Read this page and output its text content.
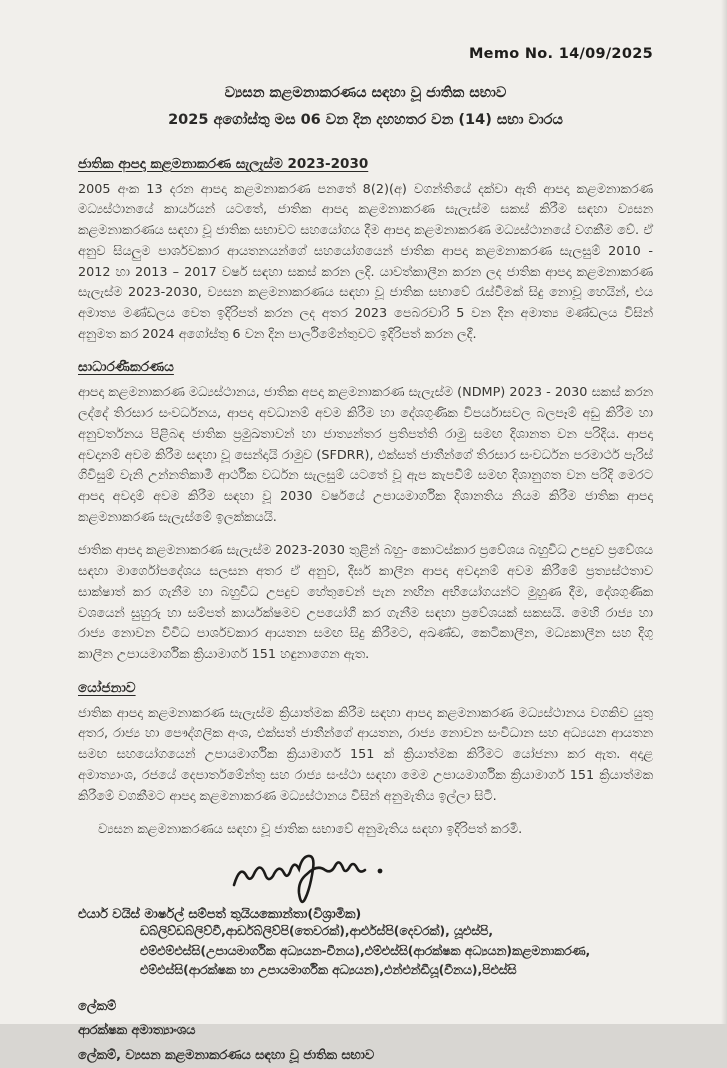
Memo No. 14/09/2025
ව්‍යසන කළමනාකරණය සඳහා වූ ජාතික සභාව
2025 අගෝස්තු මස 06 වන දින දහහතර වන (14) සභා වාරය
ජාතික ආපදා කළමනාකරණ සැලැස්ම 2023-2030

2005 අංක 13 දරන ආපදා කළමනාකරණ පනතේ 8(2)(අ) වගන්තියේ දක්වා ඇති ආපදා කළමනාකරණ මධ්‍යස්ථානයේ කාර්යයන් යටතේ, ජාතික ආපදා කළමනාකරණ සැලැස්ම සකස් කිරීම සඳහා ව්‍යසන කළමනාකරණය සඳහා වූ ජාතික සභාවට සහයෝගය දීම ආපදා කළමනාකරණ මධ්‍යස්ථානයේ වගකීම වේ. ඒ අනුව සියලුම පාර්ශවකාර ආයතනයන්ගේ සහයෝගයෙන් ජාතික ආපදා කළමනාකරණ සැලසුම් 2010 - 2012 හා 2013 – 2017 වර්ෂ සඳහා සකස් කරන ලදි. යාවත්කාලීන කරන ලද ජාතික ආපදා කළමනාකරණ සැලැස්ම 2023-2030, ව්‍යසන කළමනාකරණය සඳහා වූ ජාතික සභාවේ රැස්වීමක් සිදු නොවූ හෙයින්, එය අමාත්‍ය මණ්ඩලය වෙත ඉදිරිපත් කරන ලද අතර 2023 පෙබරවාරි 5 වන දින අමාත්‍ය මණ්ඩලය විසින් අනුමත කර 2024 අගෝස්තු 6 වන දින පාර්ලිමේන්තුවට ඉදිරිපත් කරන ලදී.

සාධාරණීකරණය

ආපදා කළමනාකරණ මධ්‍යස්ථානය, ජාතික අපදා කළමනාකරණ සැලැස්ම (NDMP) 2023 - 2030 සකස් කරන ලද්දේ තිරසාර සංවර්ධනය, ආපදා අවධානම් අවම කිරීම හා දේශගුණික විපර්යාසවල බලපෑම් අඩු කිරීම හා අනුවර්තනය පිළිබඳ ජාතික ප්‍රමුඛතාවන් හා ජාත්‍යන්තර ප්‍රතිපත්ති රාමු සමඟ දිශානත වන පරිදිය. ආපදා අවදානම් අවම කිරීම සඳහා වූ සෙන්දායි රාමුව (SFDRR), එක්සත් ජාතීන්ගේ තිරසාර සංවර්ධන පරමාර්ථ පැරිස් ගිවිසුම් වැනි උන්නතිකාමී ආර්ථික වර්ධන සැලසුම් යටතේ වූ ඇප කැපවීම් සමඟ දිශානුගත වන පරිදි මෙරට ආපදා අවදාම් අවම කිරීම සඳහා වූ 2030 වර්ෂයේ උපායමාර්ගික දිශානතිය නියම කිරීම ජාතික ආපදා කළමනාකරණ සැලැස්මේ ඉලක්කයයි.

ජාතික ආපදා කළමනාකරණ සැලැස්ම 2023-2030 තුළින් බහු- කොටස්කාර ප්‍රවේශය බහුවිධ උපදුව ප්‍රවේශය සඳහා මාර්ගෝපදේශය සලසන අතර ඒ අනුව, දීර්ඝ කාලීන ආපදා අවදානම් අවම කිරීමේ ප්‍රත්‍යස්ථතාව සාක්ෂාත් කර ගැනීම හා බහුවිධ උපදුව හේතුවෙන් පැන නඟින අභියෝගයන්ට මුහුණ දීම, දේශගුණික වශයෙන් සුහුරු හා සම්පත් කාර්යක්ෂමව උපයෝගී කර ගැනීම සඳහා ප්‍රවේශයක් සකසයි. මෙහි රාජ්‍ය හා රාජ්‍ය නොවන විවිධ පාර්ශවකාර ආයතන සමඟ සිදු කිරීමට, අඛණ්ඩ, කෙටිකාලීන, මධ්‍යකාලීන සහ දිගු කාලීන උපායමාර්ගික ක්‍රියාමාර්ග 151 හඳුනාගෙන ඇත.

යෝජනාව

ජාතික ආපදා කළමනාකරණ සැලැස්ම ක්‍රියාත්මක කිරීම සඳහා ආපදා කළමනාකරණ මධ්‍යස්ථානය වගකිව යුතු අතර, රාජ්‍ය හා පෞද්ගලික අංශ, එක්සත් ජාතීන්ගේ ආයතන, රාජ්‍ය නොවන සංවිධාන සහ අධ්‍යයන ආයතන සමඟ සහයෝගයෙන් උපායමාර්ගික ක්‍රියාමාර්ග 151 ක් ක්‍රියාත්මක කිරීමට යෝජනා කර ඇත. අදාළ අමාත්‍යාංශ, රජයේ දෙපාර්තමේන්තු සහ රාජ්‍ය සංස්ථා සඳහා මෙම උපායමාර්ගික ක්‍රියාමාර්ග 151 ක්‍රියාත්මක කිරීමේ වගකීමට ආපදා කළමනාකරණ මධ්‍යස්ථානය විසින් අනුමැතිය ඉල්ලා සිටී.

ව්‍යසන කළමනාකරණය සඳහා වූ ජාතික සභාවේ අනුමැතිය සඳහා ඉදිරිපත් කරමි.

එයාර් වයිස් මාර්ෂල් සම්පත් තුයියකොන්තා(විශ්‍රාමික)
ඩබ්ලිව්ඩබ්ලිව්වී,ආර්ඩබ්ලිව්පි(තෙවරක්),ආර්එස්පි(දෙවරක්), යූඑස්පි,
එම්එම්එස්සි(උපායමාර්ගික අධ්‍යයන-චීනය),එම්එස්සි(ආරක්ෂක අධ්‍යයන)කළමනාකරණ,
එම්එස්සි(ආරක්ෂක හා උපායමාර්ගික අධ්‍යයන),එන්එන්ඩීයූ(චීනය),පිඑස්සි
ලේකම්
ආරක්ෂක අමාත්‍යාංශය
ලේකම්, ව්‍යසන කළමනාකරණය සඳහා වූ ජාතික සභාව
